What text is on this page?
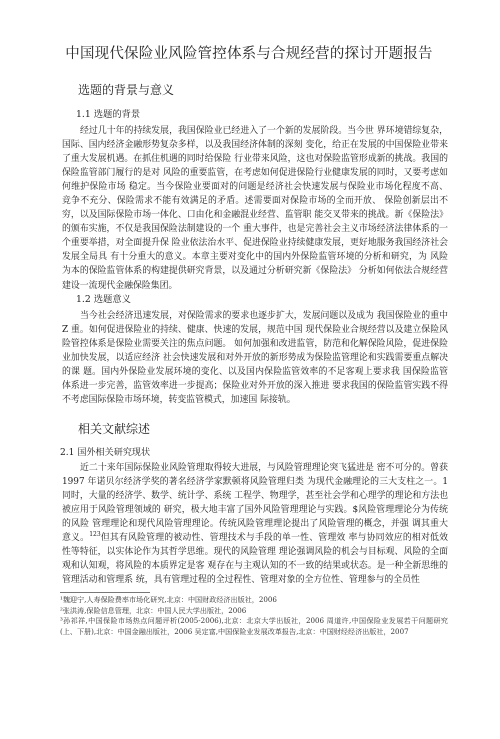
中国现代保险业风险管控体系与合规经营的探讨开题报告
选题的背景与意义
1.1 选题的背景
经过几十年的持续发展，我国保险业已经进入了一个新的发展阶段。当今世 界环境错综复杂，国际、国内经济金融形势复杂多样，以及我国经济体制的深刻 变化，给正在发展的中国保险业带来了重大发展机遇。在抓住机遇的同时给保险 行业带来风险，这也对保险监管形成新的挑战。我国的保险监管部门履行的是对 风险的重要监管，在考虑如何促进保险行业健康发展的同时，又要考虑如何维护保险市场 稳定。当今保险业要面对的问题是经济社会快速发展与保险业市场化程度不高、 竞争不充分、保险需求不能有效满足的矛盾。述需要面对保险市场的全而开放、 保险创新层出不穷，以及国际保险市场一体化、口由化和金融混业经营、监管职 能交叉带来的挑战。新《保险法》的颁布实施，不仅是我国保险法制建设的一个 重大事件，也是完善社会主义市场经济法律体系的一个重要举措，对全面提升保 险业依法治水平、促进保险业持续健康发展，更好地服务我国经济社会发展全局具 有十分重大的意义。本章主要对变化中的国内外保险监管环境的分析和研究，为 风险为本的保险监管体系的构建提供研究背景，以及通过分析研究新《保险法》 分析如何依法合规经营建设一流现代金融保险集团。
1.2 选题意义
当今社会经济迅速发展，对保险需求的要求也逐步扩大，发展问题以及成为 我国保险业的重中 Z 重。如何促进保险业的持续、健康、快速的发展，规范中国 现代保险业合规经营以及建立保险风险管控体系是保险业需要关注的焦点问题。 如何加强和改进监管，防范和化解保险风险，促进保险业加快发展，以适应经济 社会快速发展和对外开放的新形势成为保险监管理论和实践需要重点解决的课 题。国内外保险业发展环境的变化、以及国内保险监管效率的不足客观上要求我 国保险监管体系进一步完善，监管效率进一步提高；保险业对外开放的深入推进 要求我国的保险监管实践不得不考虑国际保险市场环境，转变监管模式，加速国 际接轨。
相关文献综述
2.1 国外相关研究现状
近二十来年国际保险业风险管理取得较大进展，与风险管理理论突飞猛进是 密不可分的。曾获 1997 年诺贝尔经济学奖的著名经济学家默顿将风险管理归类 为现代金融理论的三大支柱之一。1 同时，大量的经济学、数学、统计学、系统 工程学、物理学，甚至社会学和心理学的理论和方法也被应用于风险管理领域的 研究，极大地丰富了国外风险管理理论与实践。$风险管理理论分为传统的风险 管理理论和现代风险管理理论。传统风险管理理论提出了风险管理的概念，并强 调其重大意义。$^{123}$但其有风险管理的被动性、管理技术与手段的单一性、管理效 率与协同效应的相对低效性等特征，以实体论作为其哲学思维。现代的风险管理 理论强调风险的机会与目标观、风险的全面观和认知观，将风险的本质界定是客 观存在与主观认知的不一致的结果或状态。是一种全新思维的管理活动和管理系 统，具有管理过程的全过程性、管理对象的全方位性、管理参与的全员性
¹魏迎宁,人寿保险费率市场化研究,北京：中国财政经济出版社，2006
²张洪涛,保险信息管理，北京：中国人民大学出版社，2006
³孙祁祥,中国保险市场热点问题评析(2005-2006),北京：北京大学出版社，2006 周道许,中国保险业发展若干问题研究(上、下册),北京：中国金融出版社，2006 吴定富,中国保险业发展改革报告,北京：中国财经经济出版社，2007
